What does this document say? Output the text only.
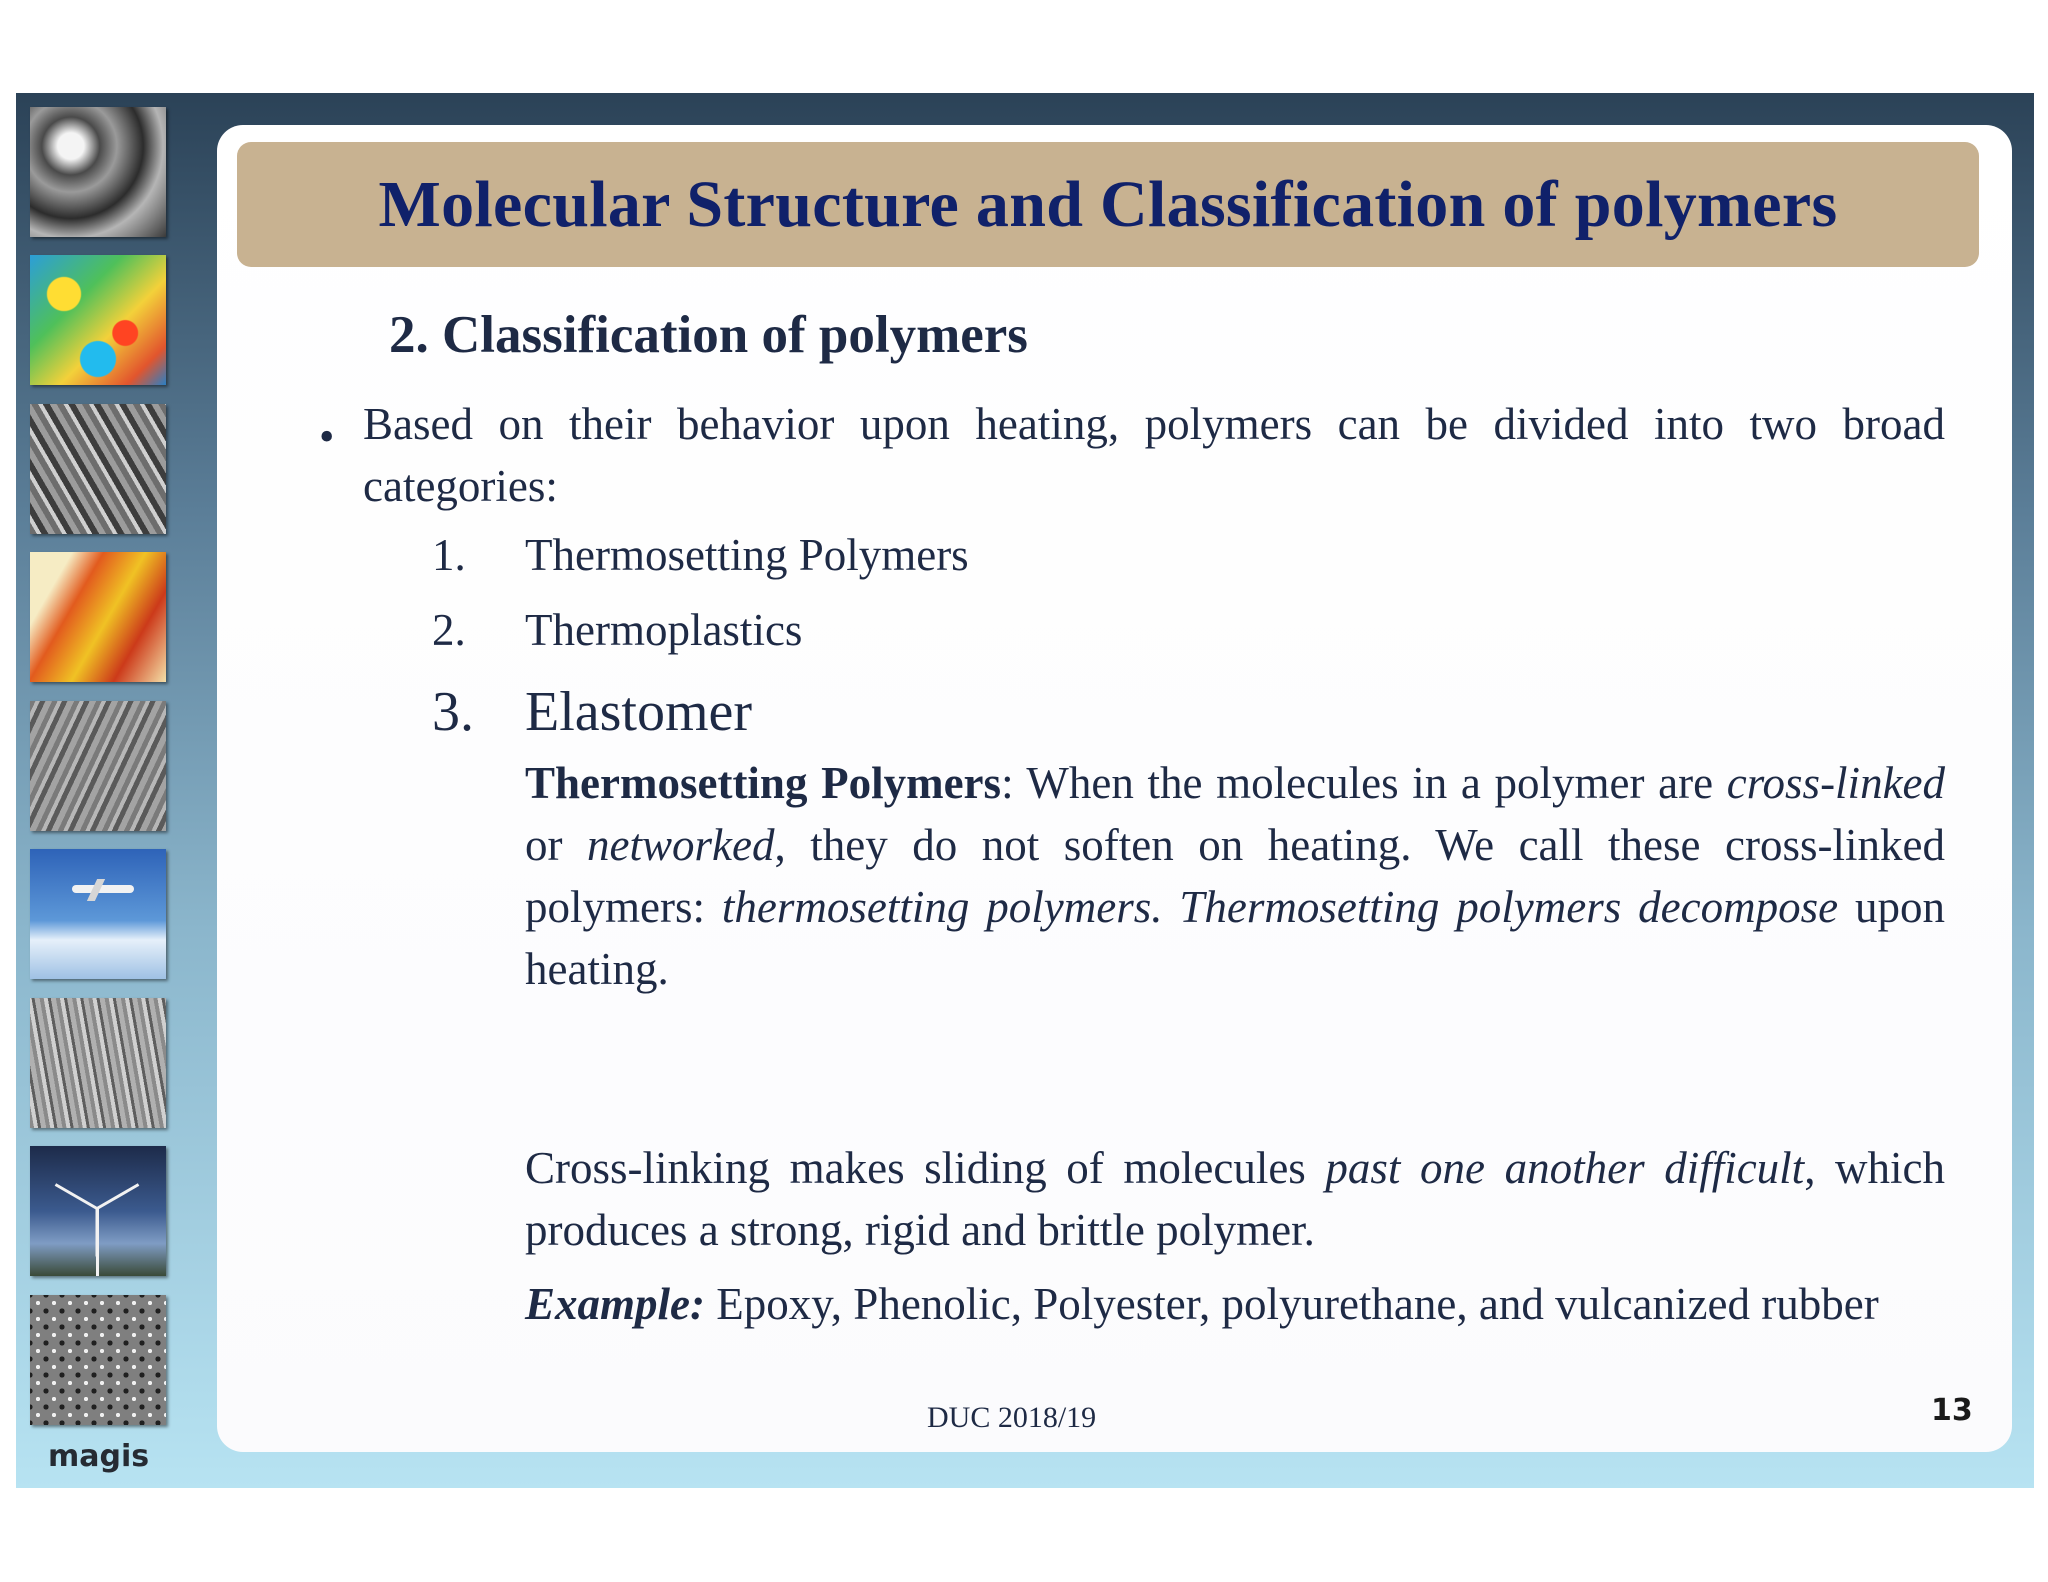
magis
Molecular Structure and Classification of polymers
2. Classification of polymers
• Based on their behavior upon heating, polymers can be divided into two broad categories:
1. Thermosetting Polymers
2. Thermoplastics
3. Elastomer
Thermosetting Polymers: When the molecules in a polymer are cross-linked or networked, they do not soften on heating. We call these cross-linked polymers: thermosetting polymers. Thermosetting polymers decompose upon heating.
Cross-linking makes sliding of molecules past one another difficult, which produces a strong, rigid and brittle polymer.
Example: Epoxy, Phenolic, Polyester, polyurethane, and vulcanized rubber
DUC 2018/19	13
